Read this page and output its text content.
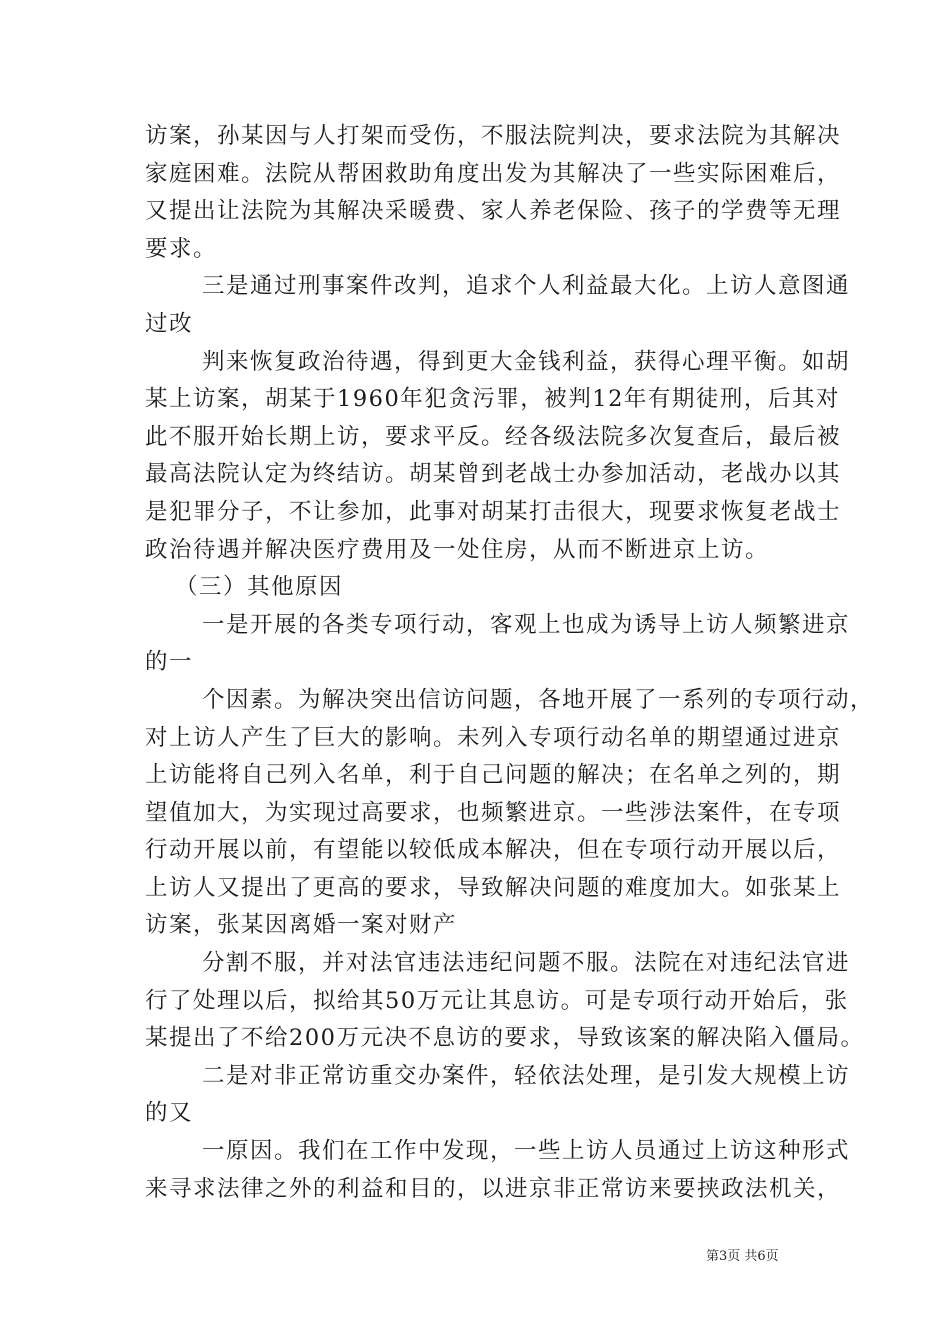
访案，孙某因与人打架而受伤，不服法院判决，要求法院为其解决
家庭困难。法院从帮困救助角度出发为其解决了一些实际困难后，
又提出让法院为其解决采暖费、家人养老保险、孩子的学费等无理
要求。
三是通过刑事案件改判，追求个人利益最大化。上访人意图通
过改
判来恢复政治待遇，得到更大金钱利益，获得心理平衡。如胡
某上访案，胡某于1960年犯贪污罪，被判12年有期徒刑，后其对
此不服开始长期上访，要求平反。经各级法院多次复查后，最后被
最高法院认定为终结访。胡某曾到老战士办参加活动，老战办以其
是犯罪分子，不让参加，此事对胡某打击很大，现要求恢复老战士
政治待遇并解决医疗费用及一处住房，从而不断进京上访。
（三）其他原因
一是开展的各类专项行动，客观上也成为诱导上访人频繁进京
的一
个因素。为解决突出信访问题，各地开展了一系列的专项行动，
对上访人产生了巨大的影响。未列入专项行动名单的期望通过进京
上访能将自己列入名单，利于自己问题的解决；在名单之列的，期
望值加大，为实现过高要求，也频繁进京。一些涉法案件，在专项
行动开展以前，有望能以较低成本解决，但在专项行动开展以后，
上访人又提出了更高的要求，导致解决问题的难度加大。如张某上
访案，张某因离婚一案对财产
分割不服，并对法官违法违纪问题不服。法院在对违纪法官进
行了处理以后，拟给其50万元让其息访。可是专项行动开始后，张
某提出了不给200万元决不息访的要求，导致该案的解决陷入僵局。
二是对非正常访重交办案件，轻依法处理，是引发大规模上访
的又
一原因。我们在工作中发现，一些上访人员通过上访这种形式
来寻求法律之外的利益和目的，以进京非正常访来要挟政法机关，
第3页 共6页
